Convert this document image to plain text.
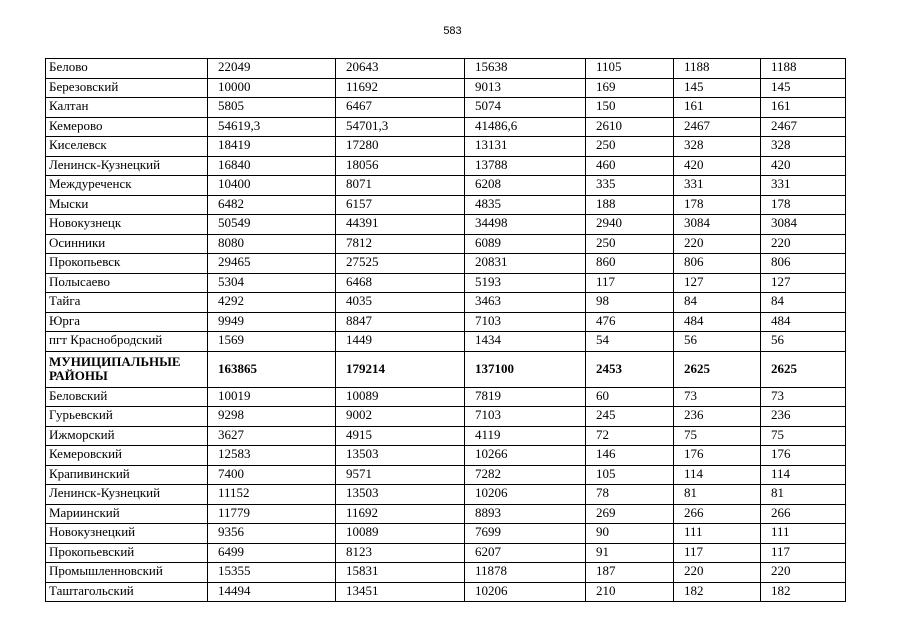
583
Белово	22049	20643	15638	1105	1188	1188
Березовский	10000	11692	9013	169	145	145
Калтан	5805	6467	5074	150	161	161
Кемерово	54619,3	54701,3	41486,6	2610	2467	2467
Киселевск	18419	17280	13131	250	328	328
Ленинск-Кузнецкий	16840	18056	13788	460	420	420
Междуреченск	10400	8071	6208	335	331	331
Мыски	6482	6157	4835	188	178	178
Новокузнецк	50549	44391	34498	2940	3084	3084
Осинники	8080	7812	6089	250	220	220
Прокопьевск	29465	27525	20831	860	806	806
Полысаево	5304	6468	5193	117	127	127
Тайга	4292	4035	3463	98	84	84
Юрга	9949	8847	7103	476	484	484
пгт Краснобродский	1569	1449	1434	54	56	56
МУНИЦИПАЛЬНЫЕ РАЙОНЫ	163865	179214	137100	2453	2625	2625
Беловский	10019	10089	7819	60	73	73
Гурьевский	9298	9002	7103	245	236	236
Ижморский	3627	4915	4119	72	75	75
Кемеровский	12583	13503	10266	146	176	176
Крапивинский	7400	9571	7282	105	114	114
Ленинск-Кузнецкий	11152	13503	10206	78	81	81
Мариинский	11779	11692	8893	269	266	266
Новокузнецкий	9356	10089	7699	90	111	111
Прокопьевский	6499	8123	6207	91	117	117
Промышленновский	15355	15831	11878	187	220	220
Таштагольский	14494	13451	10206	210	182	182
